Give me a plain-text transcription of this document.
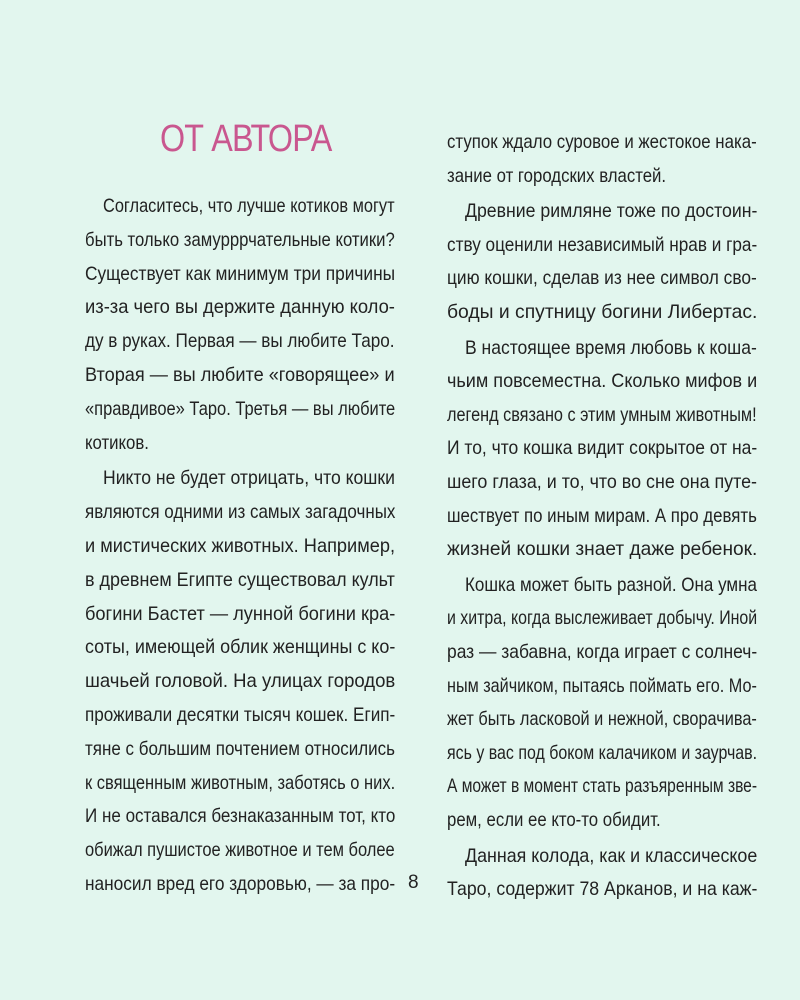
ОТ АВТОРА
Согласитесь, что лучше котиков могут
быть только замурррчательные котики?
Существует как минимум три причины
из-за чего вы держите данную коло-
ду в руках. Первая — вы любите Таро.
Вторая — вы любите «говорящее» и
«правдивое» Таро. Третья — вы любите
котиков.
Никто не будет отрицать, что кошки
являются одними из самых загадочных
и мистических животных. Например,
в древнем Египте существовал культ
богини Бастет — лунной богини кра-
соты, имеющей облик женщины с ко-
шачьей головой. На улицах городов
проживали десятки тысяч кошек. Егип-
тяне с большим почтением относились
к священным животным, заботясь о них.
И не оставался безнаказанным тот, кто
обижал пушистое животное и тем более
наносил вред его здоровью, — за про-
ступок ждало суровое и жестокое нака-
зание от городских властей.
Древние римляне тоже по достоин-
ству оценили независимый нрав и гра-
цию кошки, сделав из нее символ сво-
боды и спутницу богини Либертас.
В настоящее время любовь к коша-
чьим повсеместна. Сколько мифов и
легенд связано с этим умным животным!
И то, что кошка видит сокрытое от на-
шего глаза, и то, что во сне она путе-
шествует по иным мирам. А про девять
жизней кошки знает даже ребенок.
Кошка может быть разной. Она умна
и хитра, когда выслеживает добычу. Иной
раз — забавна, когда играет с солнеч-
ным зайчиком, пытаясь поймать его. Мо-
жет быть ласковой и нежной, сворачива-
ясь у вас под боком калачиком и заурчав.
А может в момент стать разъяренным зве-
рем, если ее кто-то обидит.
Данная колода, как и классическое
Таро, содержит 78 Арканов, и на каж-
8
